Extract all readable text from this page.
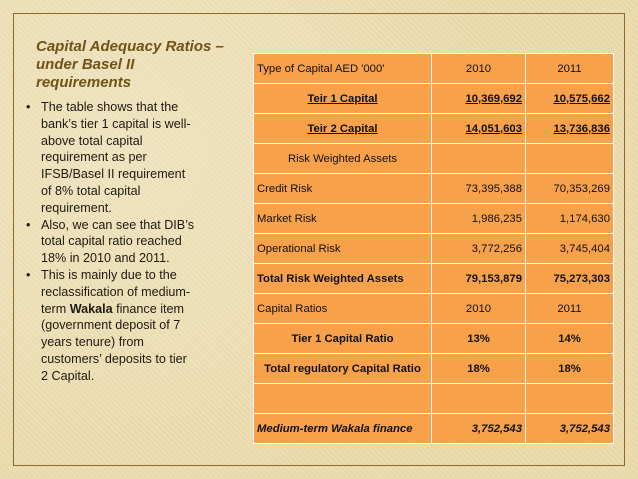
Capital Adequacy Ratios –
under Basel II
requirements
• The table shows that the
bank’s tier 1 capital is well-
above total capital
requirement as per
IFSB/Basel II requirement
of 8% total capital
requirement.
• Also, we can see that DIB’s
total capital ratio reached
18% in 2010 and 2011.
• This is mainly due to the
reclassification of medium-
term Wakala finance item
(government deposit of 7
years tenure) from
customers’ deposits to tier
2 Capital.
Type of Capital AED '000'	2010	2011
Teir 1 Capital	10,369,692	10,575,662
Teir 2 Capital	14,051,603	13,736,836
Risk Weighted Assets		
Credit Risk	73,395,388	70,353,269
Market Risk	1,986,235	1,174,630
Operational Risk	3,772,256	3,745,404
Total Risk Weighted Assets	79,153,879	75,273,303
Capital Ratios	2010	2011
Tier 1 Capital Ratio	13%	14%
Total regulatory Capital Ratio	18%	18%

Medium-term Wakala finance	3,752,543	3,752,543
